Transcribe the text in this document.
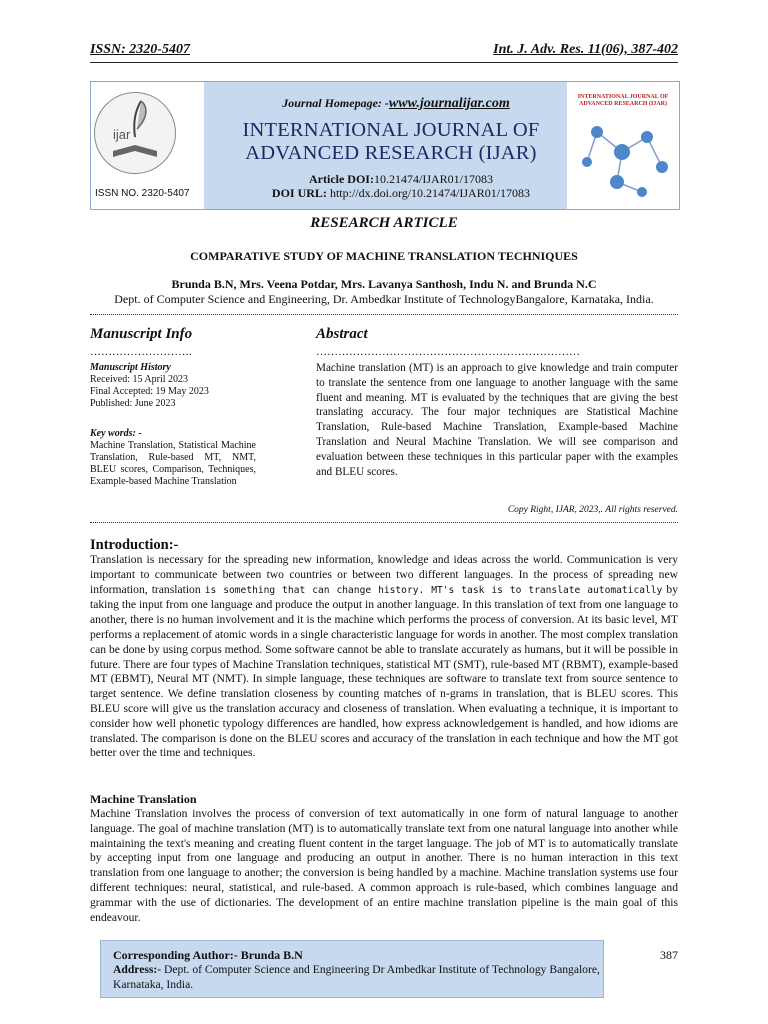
ISSN: 2320-5407	Int. J. Adv. Res. 11(06), 387-402
ijar
ISSN NO. 2320-5407
Journal Homepage: -www.journalijar.com
INTERNATIONAL JOURNAL OF
ADVANCED RESEARCH (IJAR)
Article DOI:10.21474/IJAR01/17083
DOI URL: http://dx.doi.org/10.21474/IJAR01/17083
INTERNATIONAL JOURNAL OF ADVANCED RESEARCH (IJAR)
RESEARCH ARTICLE
COMPARATIVE STUDY OF MACHINE TRANSLATION TECHNIQUES
Brunda B.N, Mrs. Veena Potdar, Mrs. Lavanya Santhosh, Indu N. and Brunda N.C
Dept. of Computer Science and Engineering, Dr. Ambedkar Institute of TechnologyBangalore, Karnataka, India.
Manuscript Info
……………………….
Manuscript History
Received: 15 April 2023
Final Accepted: 19 May 2023
Published: June 2023
Key words: -
Machine Translation, Statistical Machine Translation, Rule-based MT, NMT, BLEU scores, Comparison, Techniques, Example-based Machine Translation
Abstract
………………………………………………………………
Machine translation (MT) is an approach to give knowledge and train computer to translate the sentence from one language to another language with the same fluent and meaning. MT is evaluated by the techniques that are giving the best translating accuracy. The four major techniques are Statistical Machine Translation, Rule-based Machine Translation, Example-based Machine Translation and Neural Machine Translation. We will see comparison and evaluation between these techniques in this particular paper with the examples and BLEU scores.
Copy Right, IJAR, 2023,. All rights reserved.
Introduction:-
Translation is necessary for the spreading new information, knowledge and ideas across the world. Communication is very important to communicate between two countries or between two different languages. In the process of spreading new information, translation is something that can change history. MT's task is to translate automatically by taking the input from one language and produce the output in another language. In this translation of text from one language to another, there is no human involvement and it is the machine which performs the process of conversion. At its basic level, MT performs a replacement of atomic words in a single characteristic language for words in another. The most complex translation can be done by using corpus method. Some software cannot be able to translate accurately as humans, but it will be possible in future. There are four types of Machine Translation techniques, statistical MT (SMT), rule-based MT (RBMT), example-based MT (EBMT), Neural MT (NMT). In simple language, these techniques are software to translate text from source sentence to target sentence. We define translation closeness by counting matches of n-grams in translation, that is BLEU scores. This BLEU score will give us the translation accuracy and closeness of translation. When evaluating a technique, it is important to consider how well phonetic typology differences are handled, how express acknowledgement is handled, and how idioms are translated. The comparison is done on the BLEU scores and accuracy of the translation in each technique and how the MT got better over the time and techniques.
Machine Translation
Machine Translation involves the process of conversion of text automatically in one form of natural language to another language. The goal of machine translation (MT) is to automatically translate text from one natural language into another while maintaining the text's meaning and creating fluent content in the target language. The job of MT is to automatically translate by accepting input from one language and producing an output in another. There is no human interaction in this text translation from one language to another; the conversion is being handled by a machine. Machine translation systems use four different techniques: neural, statistical, and rule-based. A common approach is rule-based, which combines language and grammar with the use of dictionaries. The development of an entire machine translation pipeline is the main goal of this endeavour.
Corresponding Author:- Brunda B.N
Address:- Dept. of Computer Science and Engineering Dr Ambedkar Institute of Technology Bangalore, Karnataka, India.
387
